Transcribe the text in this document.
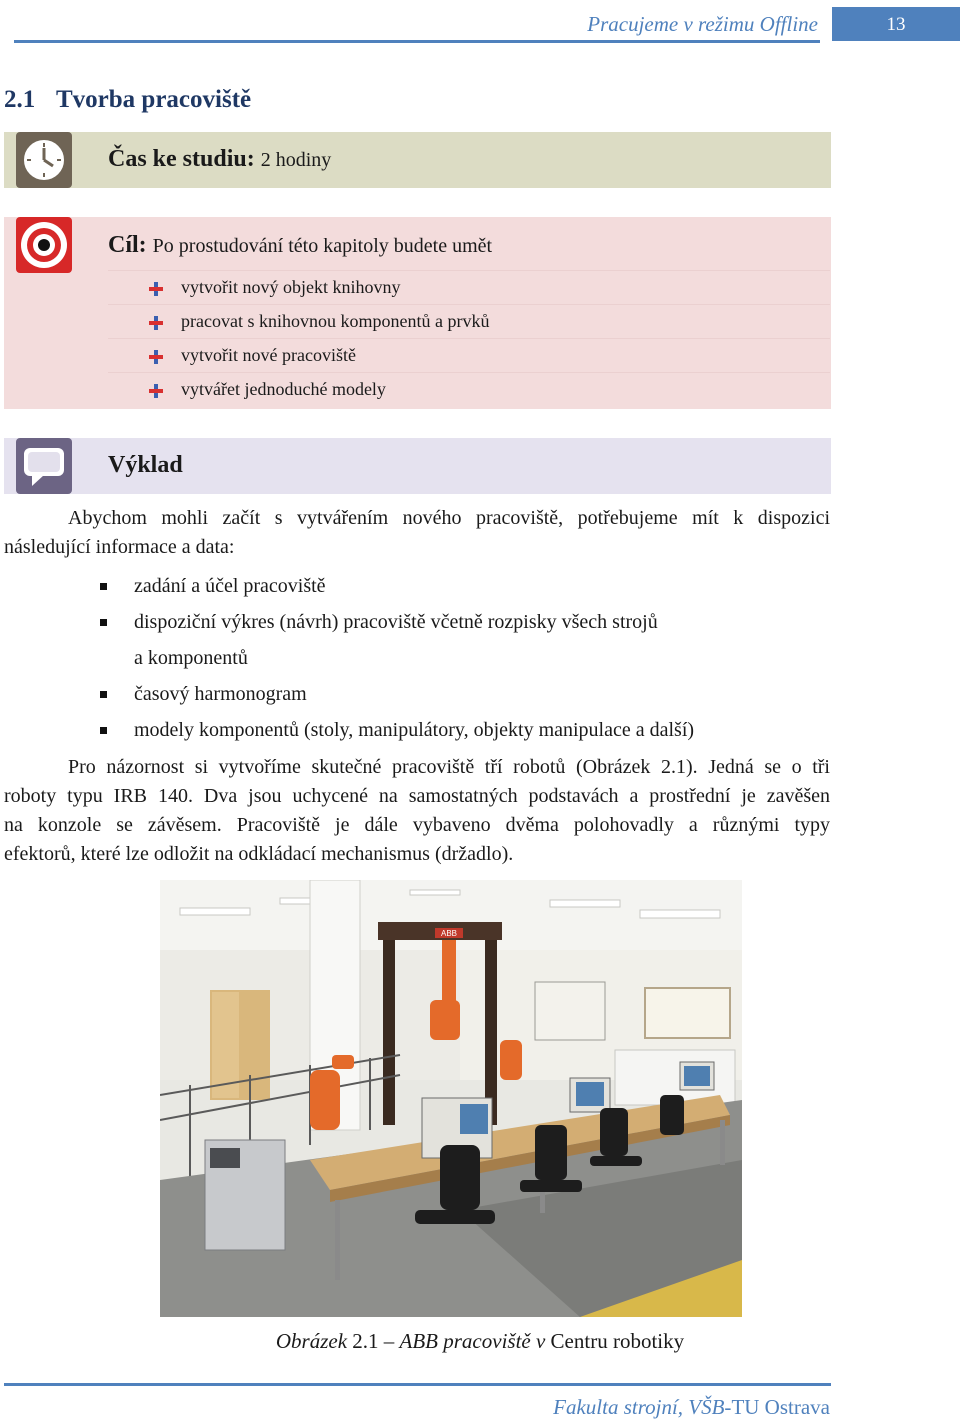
Pracujeme v režimu Offline	13
2.1 Tvorba pracoviště
Čas ke studiu: 2 hodiny
Cíl: Po prostudování této kapitoly budete umět
vytvořit nový objekt knihovny
pracovat s knihovnou komponentů a prvků
vytvořit nové pracoviště
vytvářet jednoduché modely
Výklad
Abychom mohli začít s vytvářením nového pracoviště, potřebujeme mít k dispozici
následující informace a data:
zadání a účel pracoviště
dispoziční výkres (návrh) pracoviště včetně rozpisky všech strojů
a komponentů
časový harmonogram
modely komponentů (stoly, manipulátory, objekty manipulace a další)
Pro názornost si vytvoříme skutečné pracoviště tří robotů (Obrázek 2.1). Jedná se o tři
roboty typu IRB 140. Dva jsou uchycené na samostatných podstavách a prostřední je zavěšen
na konzole se závěsem. Pracoviště je dále vybaveno dvěma polohovadly a různými typy
efektorů, které lze odložit na odkládací mechanismus (držadlo).
ABB
Obrázek 2.1 – ABB pracoviště v Centru robotiky
Fakulta strojní, VŠB-TU Ostrava
